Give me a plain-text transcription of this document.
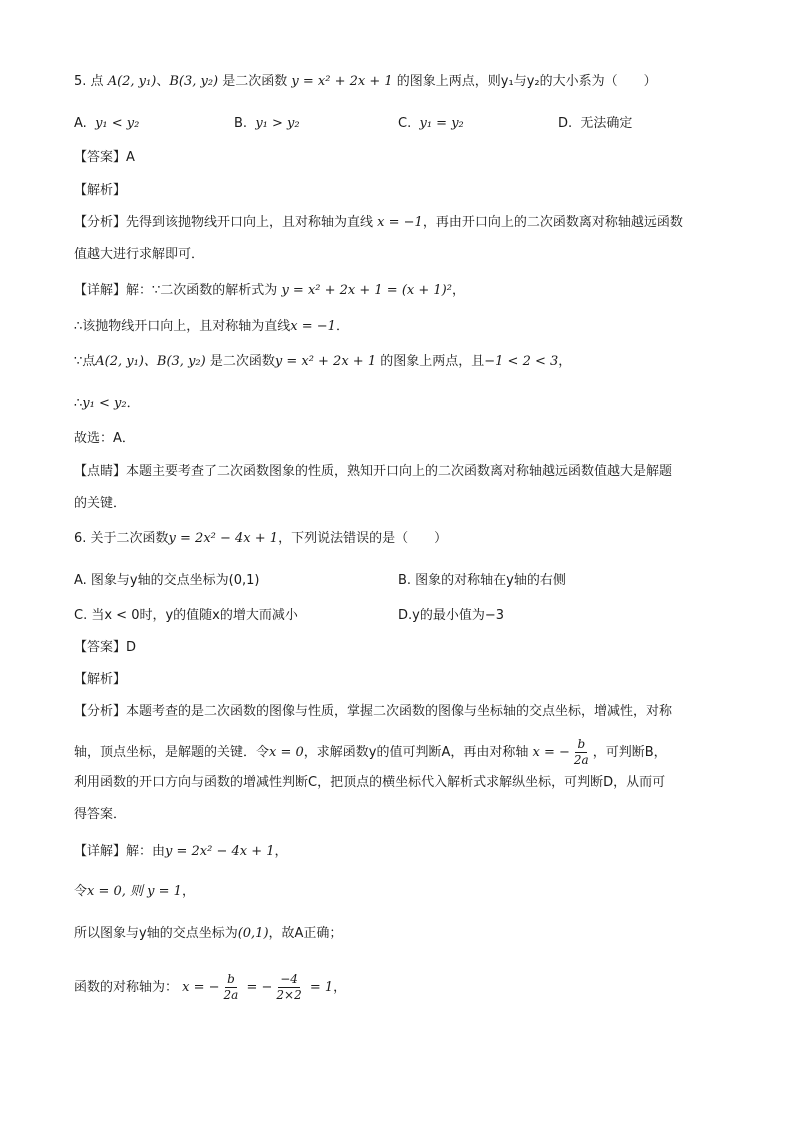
5. 点 A(2, y₁)、B(3, y₂) 是二次函数 y = x² + 2x + 1 的图象上两点，则y₁与y₂的大小系为（　　）
A. y₁ < y₂	B. y₁ > y₂	C. y₁ = y₂	D. 无法确定
【答案】A
【解析】
【分析】先得到该抛物线开口向上，且对称轴为直线 x = −1，再由开口向上的二次函数离对称轴越远函数
值越大进行求解即可．
【详解】解：∵二次函数的解析式为 y = x² + 2x + 1 = (x + 1)²，
∴该抛物线开口向上，且对称轴为直线x = −1．
∵点A(2, y₁)、B(3, y₂) 是二次函数y = x² + 2x + 1 的图象上两点，且−1 < 2 < 3，
∴y₁ < y₂．
故选：A．
【点睛】本题主要考查了二次函数图象的性质，熟知开口向上的二次函数离对称轴越远函数值越大是解题
的关键．
6. 关于二次函数y = 2x² − 4x + 1，下列说法错误的是（　　）
A. 图象与y轴的交点坐标为(0,1)	B. 图象的对称轴在y轴的右侧
C. 当x < 0时，y的值随x的增大而减小	D.y的最小值为−3
【答案】D
【解析】
【分析】本题考查的是二次函数的图像与性质，掌握二次函数的图像与坐标轴的交点坐标，增减性，对称
轴，顶点坐标，是解题的关键．令x = 0，求解函数y的值可判断A，再由对称轴 x = − $\frac{b}{2a}$ ，可判断B，
利用函数的开口方向与函数的增减性判断C，把顶点的横坐标代入解析式求解纵坐标，可判断D，从而可
得答案．
【详解】解：由y = 2x² − 4x + 1，
令x = 0, 则 y = 1，
所以图象与y轴的交点坐标为(0,1)，故A正确；
函数的对称轴为： x = − $\frac{b}{2a}$ = − $\frac{-4}{2\times 2} = 1$，
